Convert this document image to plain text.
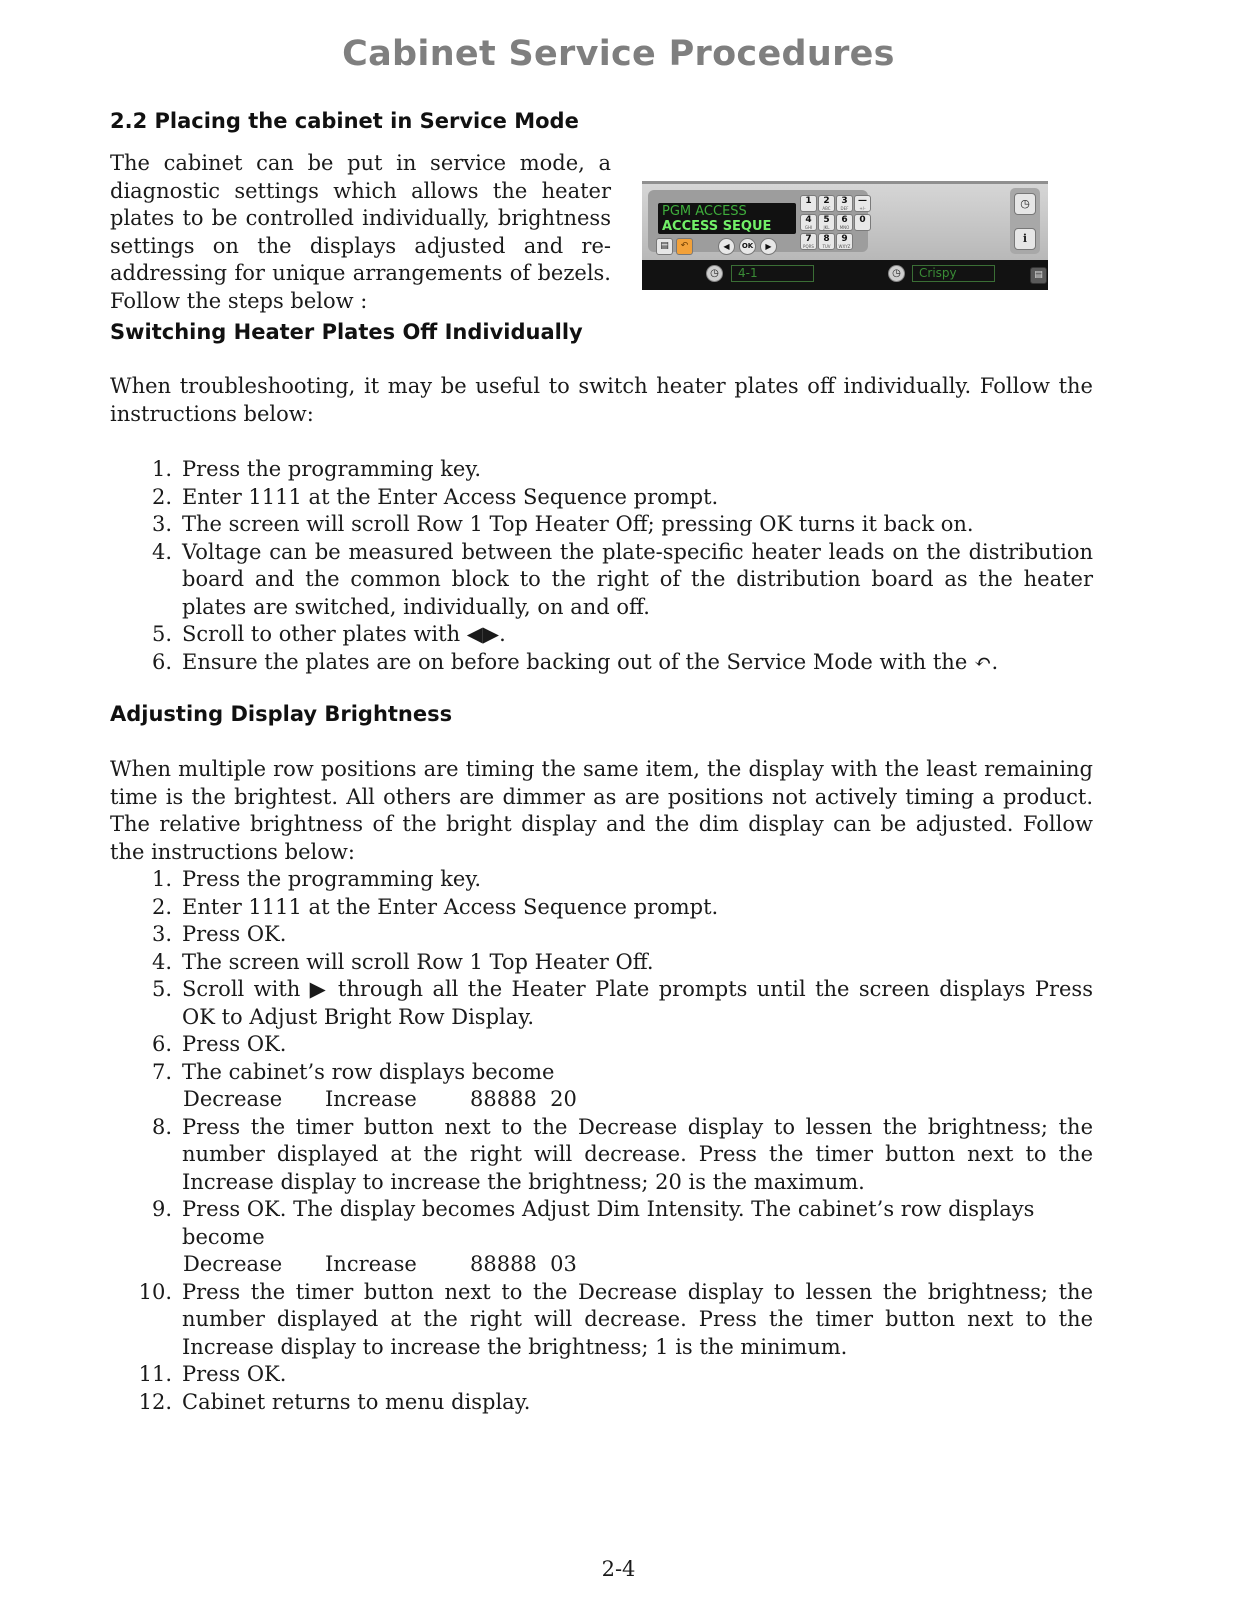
Cabinet Service Procedures
2.2 Placing the cabinet in Service Mode
The cabinet can be put in service mode, a diagnostic settings which allows the heater plates to be controlled individually, brightness settings on the displays adjusted and re-addressing for unique arrangements of bezels. Follow the steps below :
PGM ACCESS
ACCESS SEQUE
1	2
ABC
3
DEF
—
+/-
4
GHI
5
JKL
6
MNO
0
7
PQRS
8
TUV
9
WXYZ
▤	↶	◀	OK	▶
◷
i
◷	4-1	◷	Crispy	▤
Switching Heater Plates Off Individually
When troubleshooting, it may be useful to switch heater plates off individually. Follow the instructions below:
1. Press the programming key.
2. Enter 1111 at the Enter Access Sequence prompt.
3. The screen will scroll Row 1 Top Heater Off; pressing OK turns it back on.
4. Voltage can be measured between the plate-specific heater leads on the distribution board and the common block to the right of the distribution board as the heater plates are switched, individually, on and off.
5. Scroll to other plates with ◀▶.
6. Ensure the plates are on before backing out of the Service Mode with the ↶.
Adjusting Display Brightness
When multiple row positions are timing the same item, the display with the least remaining time is the brightest. All others are dimmer as are positions not actively timing a product. The relative brightness of the bright display and the dim display can be adjusted. Follow the instructions below:
1. Press the programming key.
2. Enter 1111 at the Enter Access Sequence prompt.
3. Press OK.
4. The screen will scroll Row 1 Top Heater Off.
5. Scroll with ▶ through all the Heater Plate prompts until the screen displays Press OK to Adjust Bright Row Display.
6. Press OK.
7. The cabinet’s row displays become
Decrease	Increase	88888  20
8. Press the timer button next to the Decrease display to lessen the brightness; the number displayed at the right will decrease. Press the timer button next to the Increase display to increase the brightness; 20 is the maximum.
9. Press OK. The display becomes Adjust Dim Intensity. The cabinet’s row displays become
Decrease	Increase	88888  03
10. Press the timer button next to the Decrease display to lessen the brightness; the number displayed at the right will decrease. Press the timer button next to the Increase display to increase the brightness; 1 is the minimum.
11. Press OK.
12. Cabinet returns to menu display.
2-4
